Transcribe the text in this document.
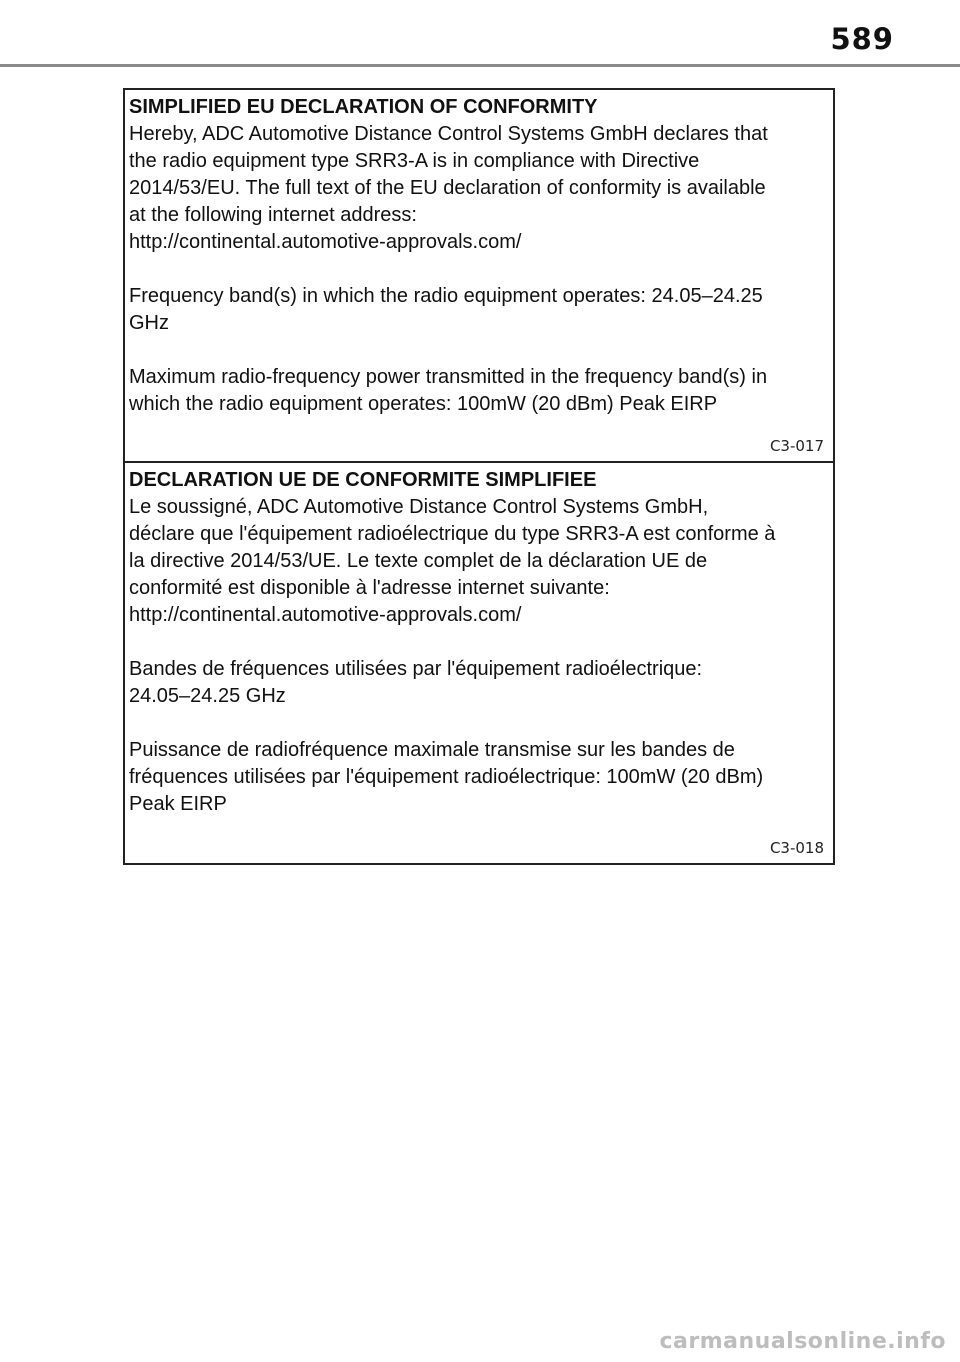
589

SIMPLIFIED EU DECLARATION OF CONFORMITY

Hereby, ADC Automotive Distance Control Systems GmbH declares that
the radio equipment type SRR3-A is in compliance with Directive
2014/53/EU. The full text of the EU declaration of conformity is available
at the following internet address:
http://continental.automotive-approvals.com/

Frequency band(s) in which the radio equipment operates: 24.05–24.25
GHz

Maximum radio-frequency power transmitted in the frequency band(s) in
which the radio equipment operates: 100mW (20 dBm) Peak EIRP

C3-017

DECLARATION UE DE CONFORMITE SIMPLIFIEE

Le soussigné, ADC Automotive Distance Control Systems GmbH,
déclare que l'équipement radioélectrique du type SRR3-A est conforme à
la directive 2014/53/UE. Le texte complet de la déclaration UE de
conformité est disponible à l'adresse internet suivante:
http://continental.automotive-approvals.com/

Bandes de fréquences utilisées par l'équipement radioélectrique:
24.05–24.25 GHz

Puissance de radiofréquence maximale transmise sur les bandes de
fréquences utilisées par l'équipement radioélectrique: 100mW (20 dBm)
Peak EIRP

C3-018
carmanualsonline.info
